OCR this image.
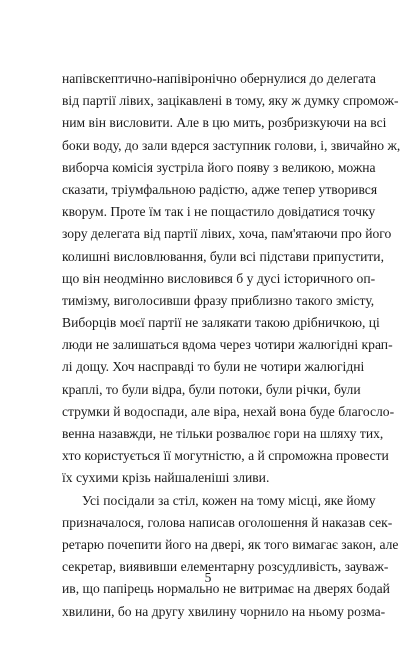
напівскептично-напівіронічно обернулися до делегата
від партії лівих, зацікавлені в тому, яку ж думку спромож-
ним він висловити. Але в цю мить, розбризкуючи на всі
боки воду, до зали вдерся заступник голови, і, звичайно ж,
виборча комісія зустріла його появу з великою, можна
сказати, тріумфальною радістю, адже тепер утворився
кворум. Проте їм так і не пощастило довідатися точку
зору делегата від партії лівих, хоча, пам'ятаючи про його
колишні висловлювання, були всі підстави припустити,
що він неодмінно висловився б у дусі історичного оп-
тимізму, виголосивши фразу приблизно такого змісту,
Виборців моєї партії не залякати такою дрібничкою, ці
люди не залишаться вдома через чотири жалюгідні крап-
лі дощу. Хоч насправді то були не чотири жалюгідні
краплі, то були відра, були потоки, були річки, були
струмки й водоспади, але віра, нехай вона буде благосло-
венна назавжди, не тільки розвалює гори на шляху тих,
хто користується її могутністю, а й спроможна провести
їх сухими крізь найшаленіші зливи.
Усі посідали за стіл, кожен на тому місці, яке йому
призначалося, голова написав оголошення й наказав сек-
ретарю почепити його на двері, як того вимагає закон, але
секретар, виявивши елементарну розсудливість, зауваж-
ив, що папірець нормально не витримає на дверях бодай
хвилини, бо на другу хвилину чорнило на ньому розма-
5
